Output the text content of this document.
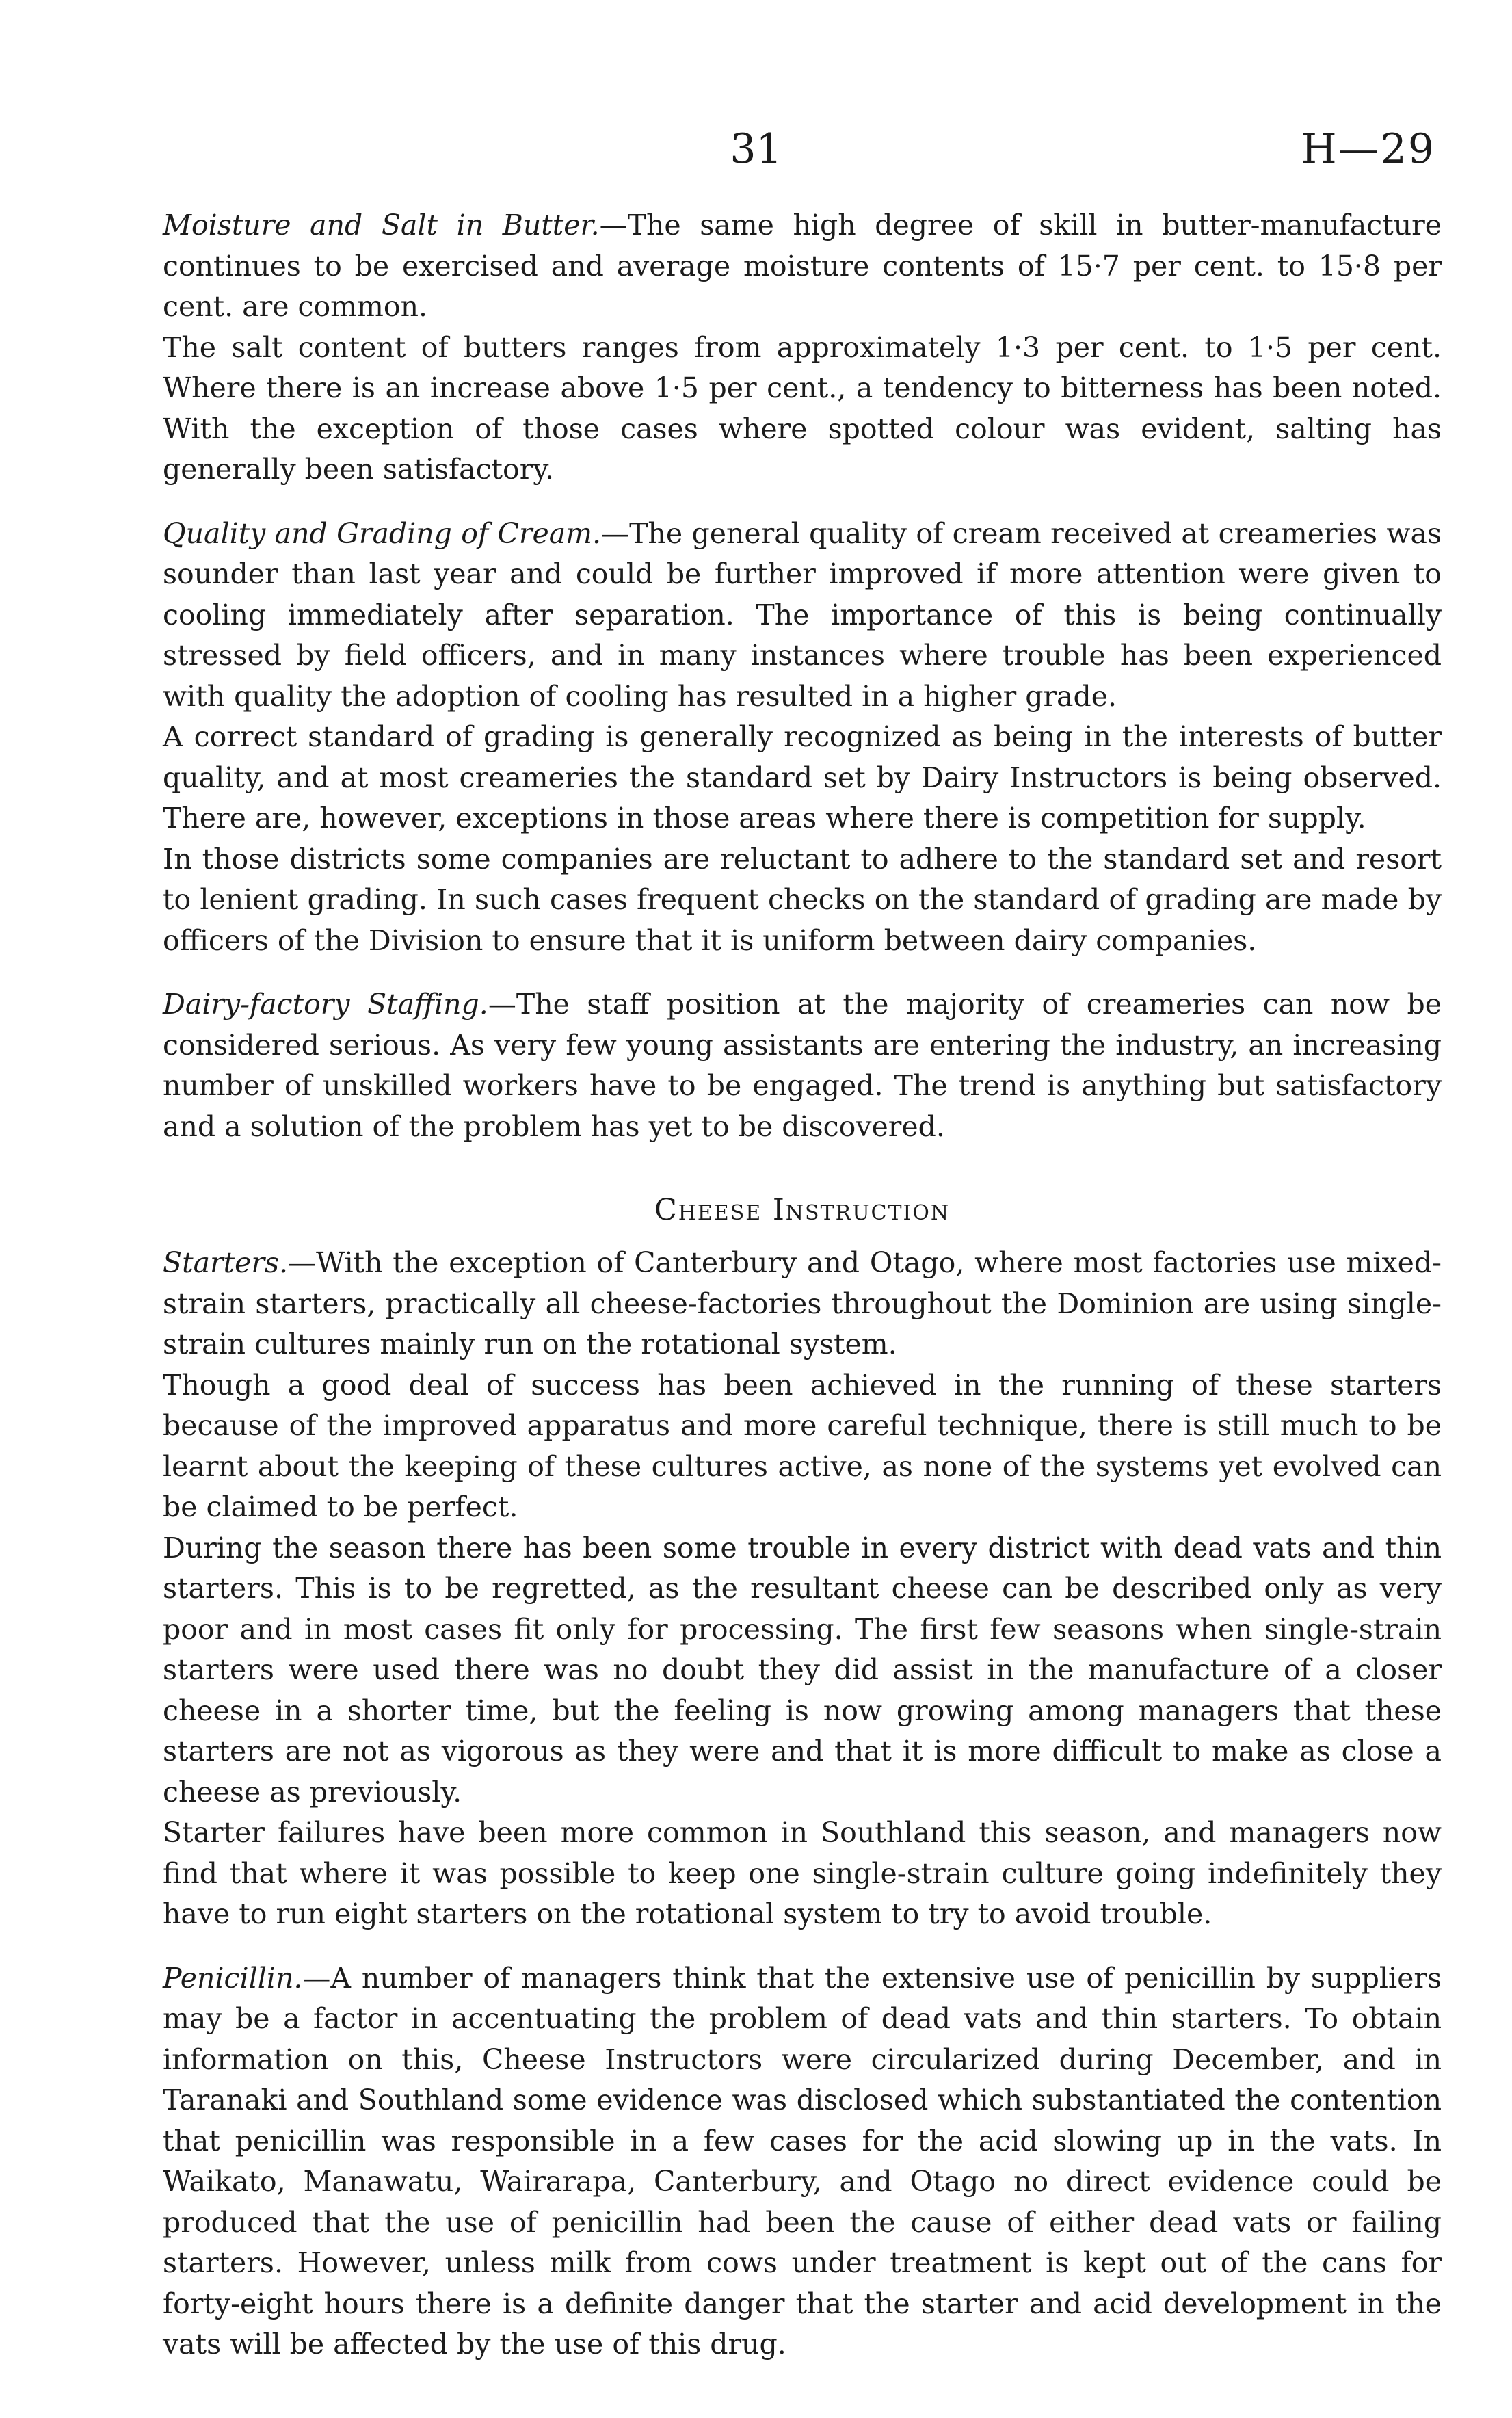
31	H—29

Moisture and Salt in Butter.—The same high degree of skill in butter-manufacture continues to be exercised and average moisture contents of 15·7 per cent. to 15·8 per cent. are common.

The salt content of butters ranges from approximately 1·3 per cent. to 1·5 per cent. Where there is an increase above 1·5 per cent., a tendency to bitterness has been noted. With the exception of those cases where spotted colour was evident, salting has generally been satisfactory.

Quality and Grading of Cream.—The general quality of cream received at creameries was sounder than last year and could be further improved if more attention were given to cooling immediately after separation. The importance of this is being continually stressed by field officers, and in many instances where trouble has been experienced with quality the adoption of cooling has resulted in a higher grade.

A correct standard of grading is generally recognized as being in the interests of butter quality, and at most creameries the standard set by Dairy Instructors is being observed. There are, however, exceptions in those areas where there is competition for supply.

In those districts some companies are reluctant to adhere to the standard set and resort to lenient grading. In such cases frequent checks on the standard of grading are made by officers of the Division to ensure that it is uniform between dairy companies.

Dairy-factory Staffing.—The staff position at the majority of creameries can now be considered serious. As very few young assistants are entering the industry, an increasing number of unskilled workers have to be engaged. The trend is anything but satisfactory and a solution of the problem has yet to be discovered.

Cheese Instruction

Starters.—With the exception of Canterbury and Otago, where most factories use mixed-strain starters, practically all cheese-factories throughout the Dominion are using single-strain cultures mainly run on the rotational system.

Though a good deal of success has been achieved in the running of these starters because of the improved apparatus and more careful technique, there is still much to be learnt about the keeping of these cultures active, as none of the systems yet evolved can be claimed to be perfect.

During the season there has been some trouble in every district with dead vats and thin starters. This is to be regretted, as the resultant cheese can be described only as very poor and in most cases fit only for processing. The first few seasons when single-strain starters were used there was no doubt they did assist in the manufacture of a closer cheese in a shorter time, but the feeling is now growing among managers that these starters are not as vigorous as they were and that it is more difficult to make as close a cheese as previously.

Starter failures have been more common in Southland this season, and managers now find that where it was possible to keep one single-strain culture going indefinitely they have to run eight starters on the rotational system to try to avoid trouble.

Penicillin.—A number of managers think that the extensive use of penicillin by suppliers may be a factor in accentuating the problem of dead vats and thin starters. To obtain information on this, Cheese Instructors were circularized during December, and in Taranaki and Southland some evidence was disclosed which substantiated the contention that penicillin was responsible in a few cases for the acid slowing up in the vats. In Waikato, Manawatu, Wairarapa, Canterbury, and Otago no direct evidence could be produced that the use of penicillin had been the cause of either dead vats or failing starters. However, unless milk from cows under treatment is kept out of the cans for forty-eight hours there is a definite danger that the starter and acid development in the vats will be affected by the use of this drug.
